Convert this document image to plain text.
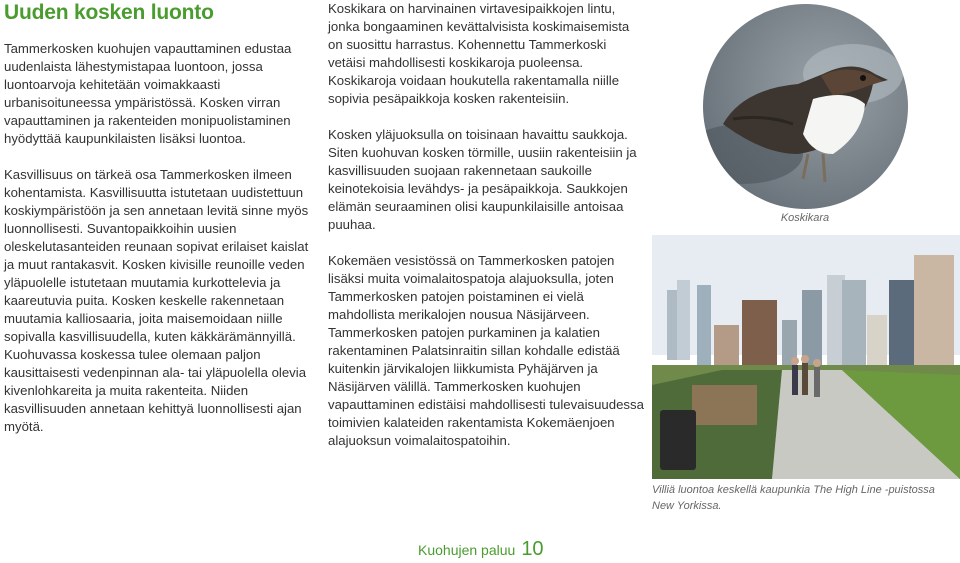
Uuden kosken luonto

Tammerkosken kuohujen vapauttaminen edustaa uudenlaista lähestymistapaa luontoon, jossa luontoarvoja kehitetään voimakkaasti urbanisoituneessa ympäristössä. Kosken virran vapauttaminen ja rakenteiden monipuolistaminen hyödyttää kaupunkilaisten lisäksi luontoa.

Kasvillisuus on tärkeä osa Tammerkosken ilmeen kohentamista. Kasvillisuutta istutetaan uudistettuun koskiympäristöön ja sen annetaan levitä sinne myös luonnollisesti. Suvantopaikkoihin uusien oleskelutasanteiden reunaan sopivat erilaiset kaislat ja muut rantakasvit. Kosken kivisille reunoille veden yläpuolelle istutetaan muutamia kurkottelevia ja kaareutuvia puita. Kosken keskelle rakennetaan muutamia kalliosaaria, joita maisemoidaan niille sopivalla kasvillisuudella, kuten käkkärämännyillä. Kuohuvassa koskessa tulee olemaan paljon kausittaisesti vedenpinnan ala- tai yläpuolella olevia kivenlohkareita ja muita rakenteita. Niiden kasvillisuuden annetaan kehittyä luonnollisesti ajan myötä.

Koskikara on harvinainen virtavesipaikkojen lintu, jonka bongaaminen kevättalvisista koskimaisemista on suosittu harrastus. Kohennettu Tammerkoski vetäisi mahdollisesti koskikaroja puoleensa. Koskikaroja voidaan houkutella rakentamalla niille sopivia pesäpaikkoja kosken rakenteisiin.

Kosken yläjuoksulla on toisinaan havaittu saukkoja. Siten kuohuvan kosken törmille, uusiin rakenteisiin ja kasvillisuuden suojaan rakennetaan saukoille keinotekoisia levähdys- ja pesäpaikkoja. Saukkojen elämän seuraaminen olisi kaupunkilaisille antoisaa puuhaa.

Kokemäen vesistössä on Tammerkosken patojen lisäksi muita voimalaitospatoja alajuoksulla, joten Tammerkosken patojen poistaminen ei vielä mahdollista merikalojen nousua Näsijärveen. Tammerkosken patojen purkaminen ja kalatien rakentaminen Palatsinraitin sillan kohdalle edistää kuitenkin järvikalojen liikkumista Pyhäjärven ja Näsijärven välillä. Tammerkosken kuohujen vapauttaminen edistäisi mahdollisesti tulevaisuudessa toimivien kalateiden rakentamista Kokemäenjoen alajuoksun voimalaitospatoihin.

Koskikara
Villiä luontoa keskellä kaupunkia The High Line -puistossa New Yorkissa.
Kuohujen paluu 10
